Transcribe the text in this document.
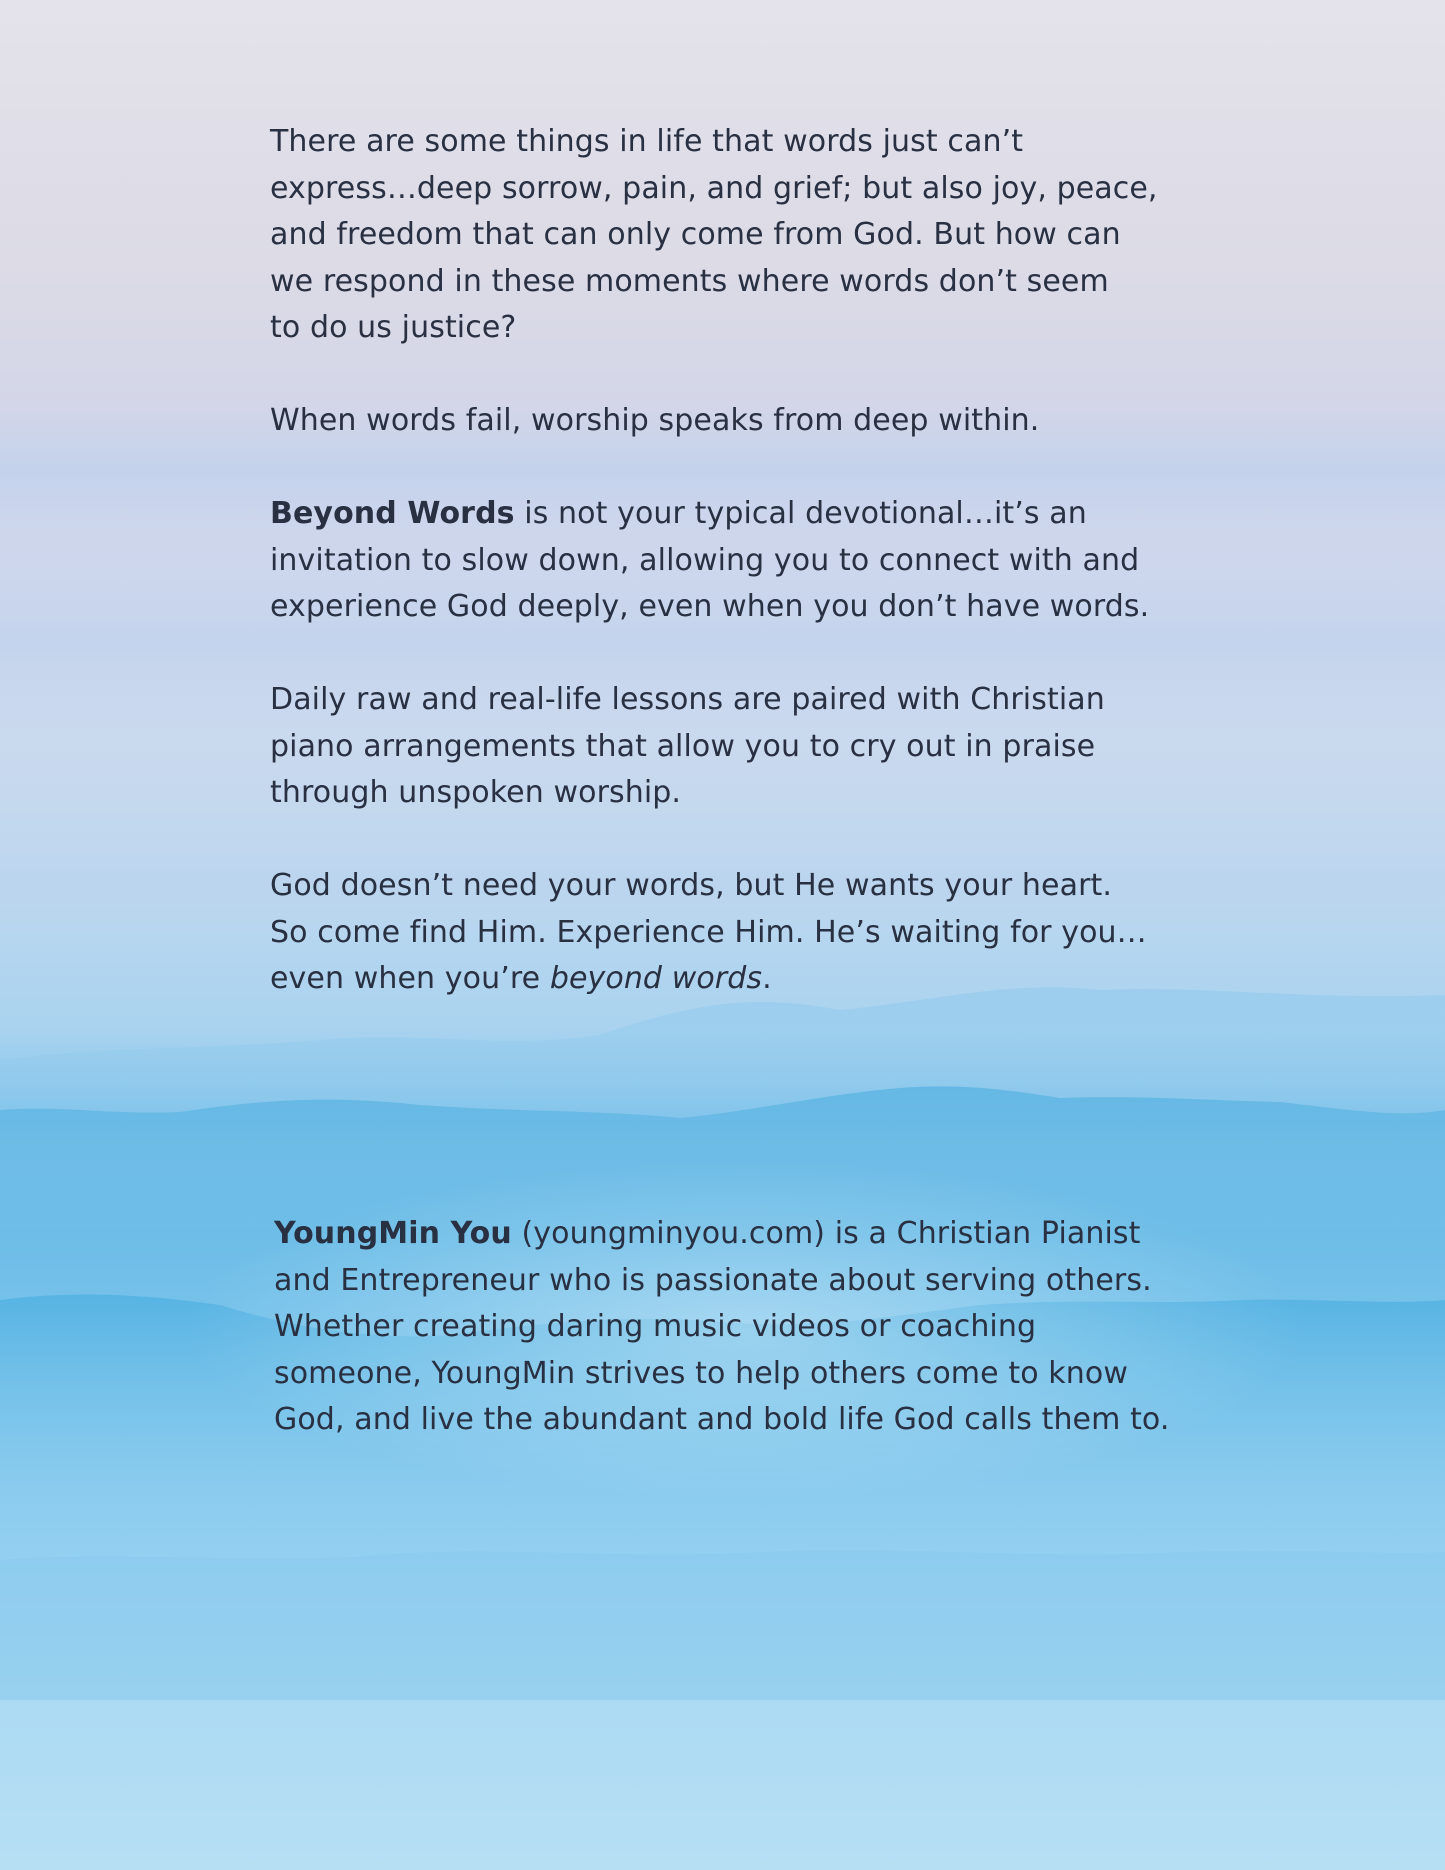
There are some things in life that words just can’t
express…deep sorrow, pain, and grief; but also joy, peace,
and freedom that can only come from God. But how can
we respond in these moments where words don’t seem
to do us justice?
When words fail, worship speaks from deep within.
Beyond Words is not your typical devotional…it’s an
invitation to slow down, allowing you to connect with and
experience God deeply, even when you don’t have words.
Daily raw and real-life lessons are paired with Christian
piano arrangements that allow you to cry out in praise
through unspoken worship.
God doesn’t need your words, but He wants your heart.
So come find Him. Experience Him. He’s waiting for you…
even when you’re beyond words.
YoungMin You (youngminyou.com) is a Christian Pianist
and Entrepreneur who is passionate about serving others.
Whether creating daring music videos or coaching
someone, YoungMin strives to help others come to know
God, and live the abundant and bold life God calls them to.
